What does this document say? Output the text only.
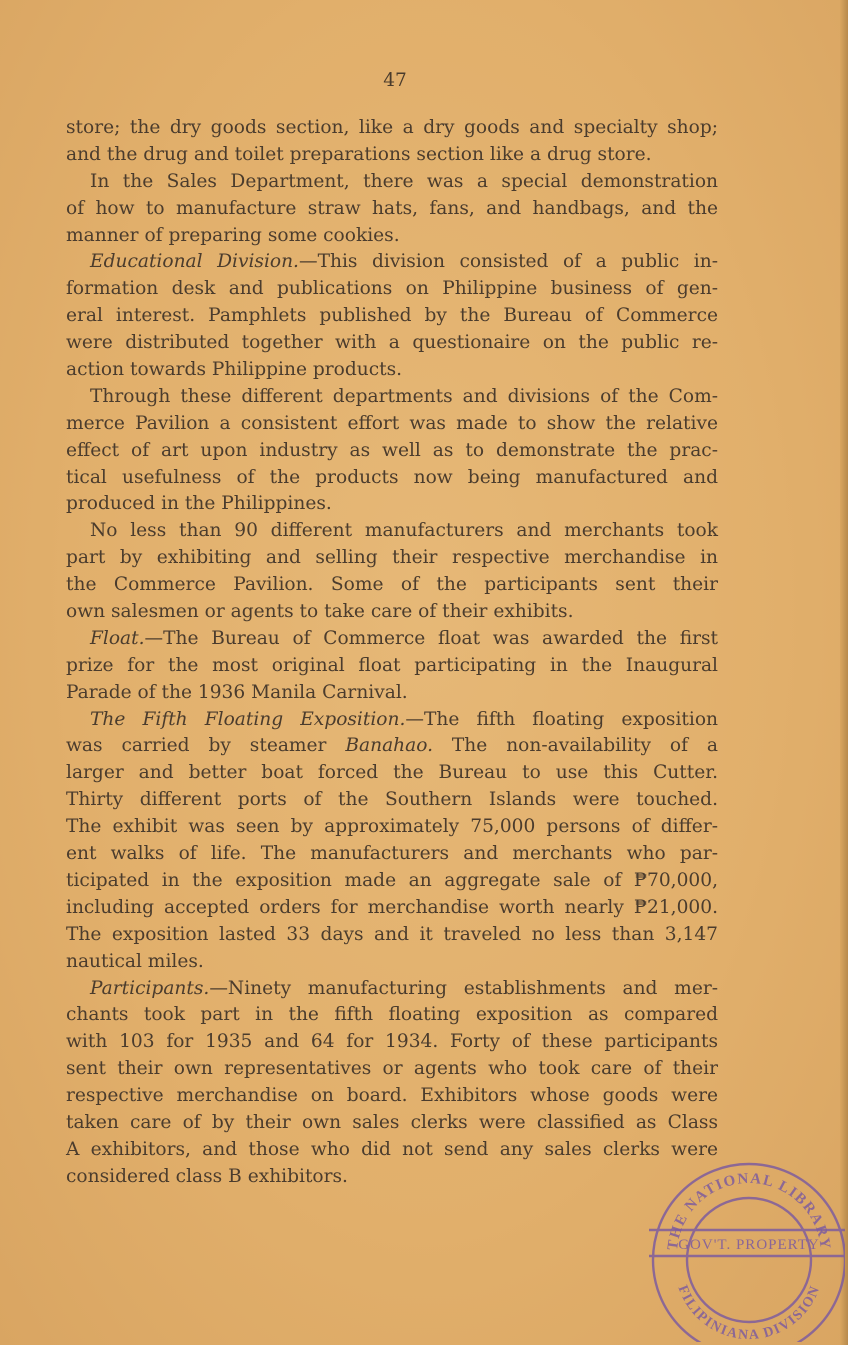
47
store; the dry goods section, like a dry goods and specialty shop;
and the drug and toilet preparations section like a drug store.
In the Sales Department, there was a special demonstration
of how to manufacture straw hats, fans, and handbags, and the
manner of preparing some cookies.
Educational Division.—This division consisted of a public in-
formation desk and publications on Philippine business of gen-
eral interest. Pamphlets published by the Bureau of Commerce
were distributed together with a questionaire on the public re-
action towards Philippine products.
Through these different departments and divisions of the Com-
merce Pavilion a consistent effort was made to show the relative
effect of art upon industry as well as to demonstrate the prac-
tical usefulness of the products now being manufactured and
produced in the Philippines.
No less than 90 different manufacturers and merchants took
part by exhibiting and selling their respective merchandise in
the Commerce Pavilion. Some of the participants sent their
own salesmen or agents to take care of their exhibits.
Float.—The Bureau of Commerce float was awarded the first
prize for the most original float participating in the Inaugural
Parade of the 1936 Manila Carnival.
The Fifth Floating Exposition.—The fifth floating exposition
was carried by steamer Banahao. The non-availability of a
larger and better boat forced the Bureau to use this Cutter.
Thirty different ports of the Southern Islands were touched.
The exhibit was seen by approximately 75,000 persons of differ-
ent walks of life. The manufacturers and merchants who par-
ticipated in the exposition made an aggregate sale of ₱70,000,
including accepted orders for merchandise worth nearly ₱21,000.
The exposition lasted 33 days and it traveled no less than 3,147
nautical miles.
Participants.—Ninety manufacturing establishments and mer-
chants took part in the fifth floating exposition as compared
with 103 for 1935 and 64 for 1934. Forty of these participants
sent their own representatives or agents who took care of their
respective merchandise on board. Exhibitors whose goods were
taken care of by their own sales clerks were classified as Class
A exhibitors, and those who did not send any sales clerks were
considered class B exhibitors.
THE NATIONAL LIBRARY
GOV'T. PROPERTY
FILIPINIANA DIVISION
